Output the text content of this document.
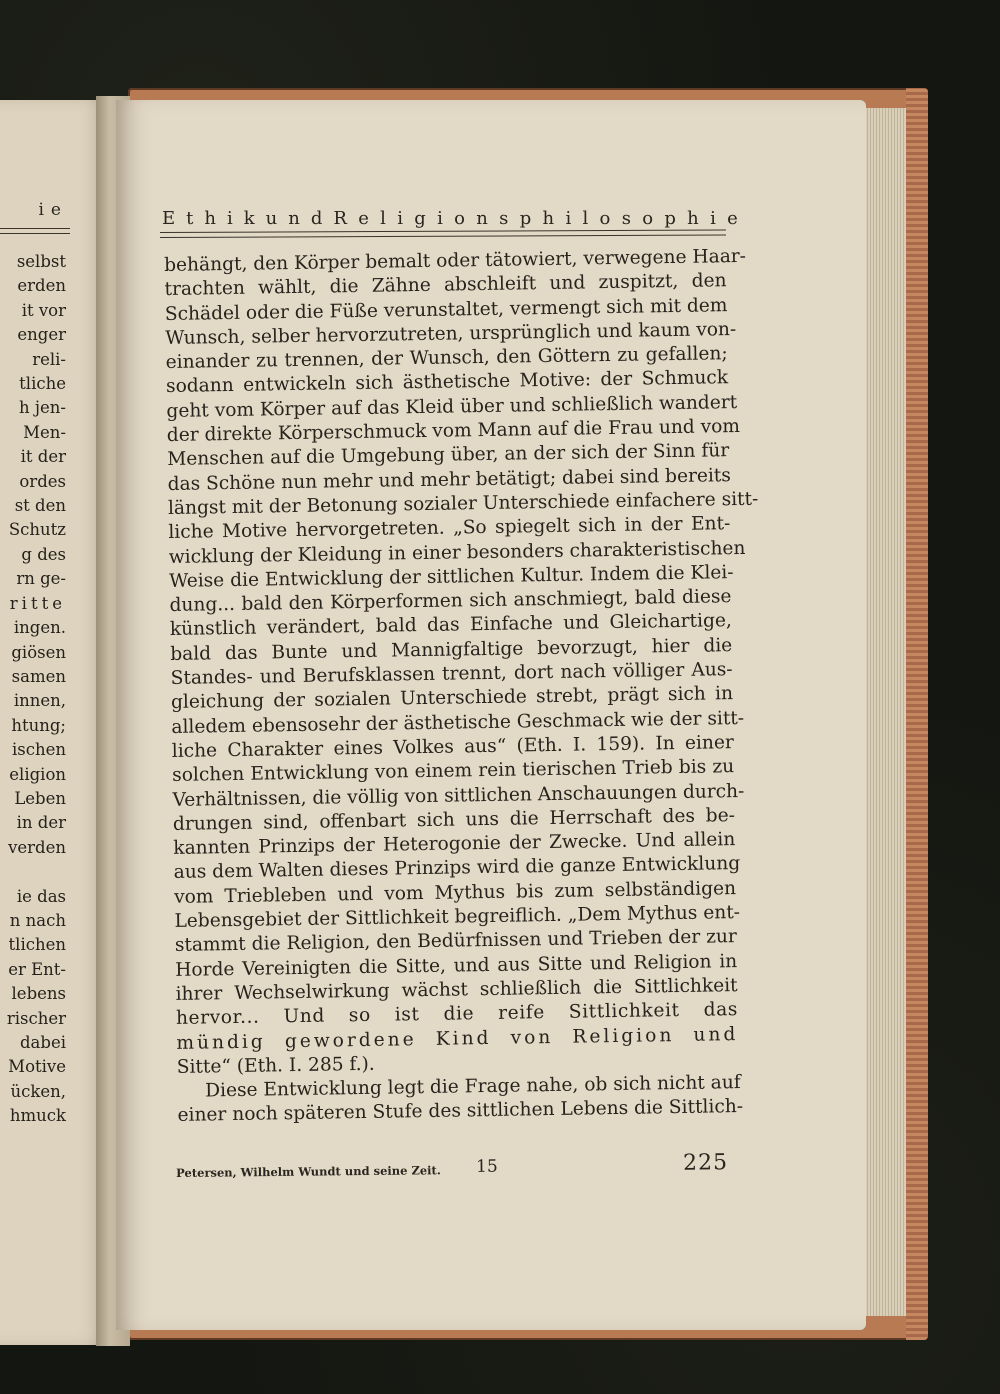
ie
selbst
erden
it vor
enger
reli-
tliche
h jen-
Men-
it der
ordes
st den
Schutz
g des
rn ge-
ritte
ingen.
giösen
samen
innen,
htung;
ischen
eligion
Leben
in der
verden
ie das
n nach
tlichen
er Ent-
lebens
rischer
dabei
Motive
ücken,
hmuck
Ethik und Religionsphilosophie
behängt, den Körper bemalt oder tätowiert, verwegene Haar-
trachten wählt, die Zähne abschleift und zuspitzt, den
Schädel oder die Füße verunstaltet, vermengt sich mit dem
Wunsch, selber hervorzutreten, ursprünglich und kaum von-
einander zu trennen, der Wunsch, den Göttern zu gefallen;
sodann entwickeln sich ästhetische Motive: der Schmuck
geht vom Körper auf das Kleid über und schließlich wandert
der direkte Körperschmuck vom Mann auf die Frau und vom
Menschen auf die Umgebung über, an der sich der Sinn für
das Schöne nun mehr und mehr betätigt; dabei sind bereits
längst mit der Betonung sozialer Unterschiede einfachere sitt-
liche Motive hervorgetreten. „So spiegelt sich in der Ent-
wicklung der Kleidung in einer besonders charakteristischen
Weise die Entwicklung der sittlichen Kultur. Indem die Klei-
dung... bald den Körperformen sich anschmiegt, bald diese
künstlich verändert, bald das Einfache und Gleichartige,
bald das Bunte und Mannigfaltige bevorzugt, hier die
Standes- und Berufsklassen trennt, dort nach völliger Aus-
gleichung der sozialen Unterschiede strebt, prägt sich in
alledem ebensosehr der ästhetische Geschmack wie der sitt-
liche Charakter eines Volkes aus“ (Eth. I. 159). In einer
solchen Entwicklung von einem rein tierischen Trieb bis zu
Verhältnissen, die völlig von sittlichen Anschauungen durch-
drungen sind, offenbart sich uns die Herrschaft des be-
kannten Prinzips der Heterogonie der Zwecke. Und allein
aus dem Walten dieses Prinzips wird die ganze Entwicklung
vom Triebleben und vom Mythus bis zum selbständigen
Lebensgebiet der Sittlichkeit begreiflich. „Dem Mythus ent-
stammt die Religion, den Bedürfnissen und Trieben der zur
Horde Vereinigten die Sitte, und aus Sitte und Religion in
ihrer Wechselwirkung wächst schließlich die Sittlichkeit
hervor... Und so ist die reife Sittlichkeit das
mündig gewordene Kind von Religion und
Sitte“ (Eth. I. 285 f.).
Diese Entwicklung legt die Frage nahe, ob sich nicht auf
einer noch späteren Stufe des sittlichen Lebens die Sittlich-
Petersen, Wilhelm Wundt und seine Zeit. 15	225
